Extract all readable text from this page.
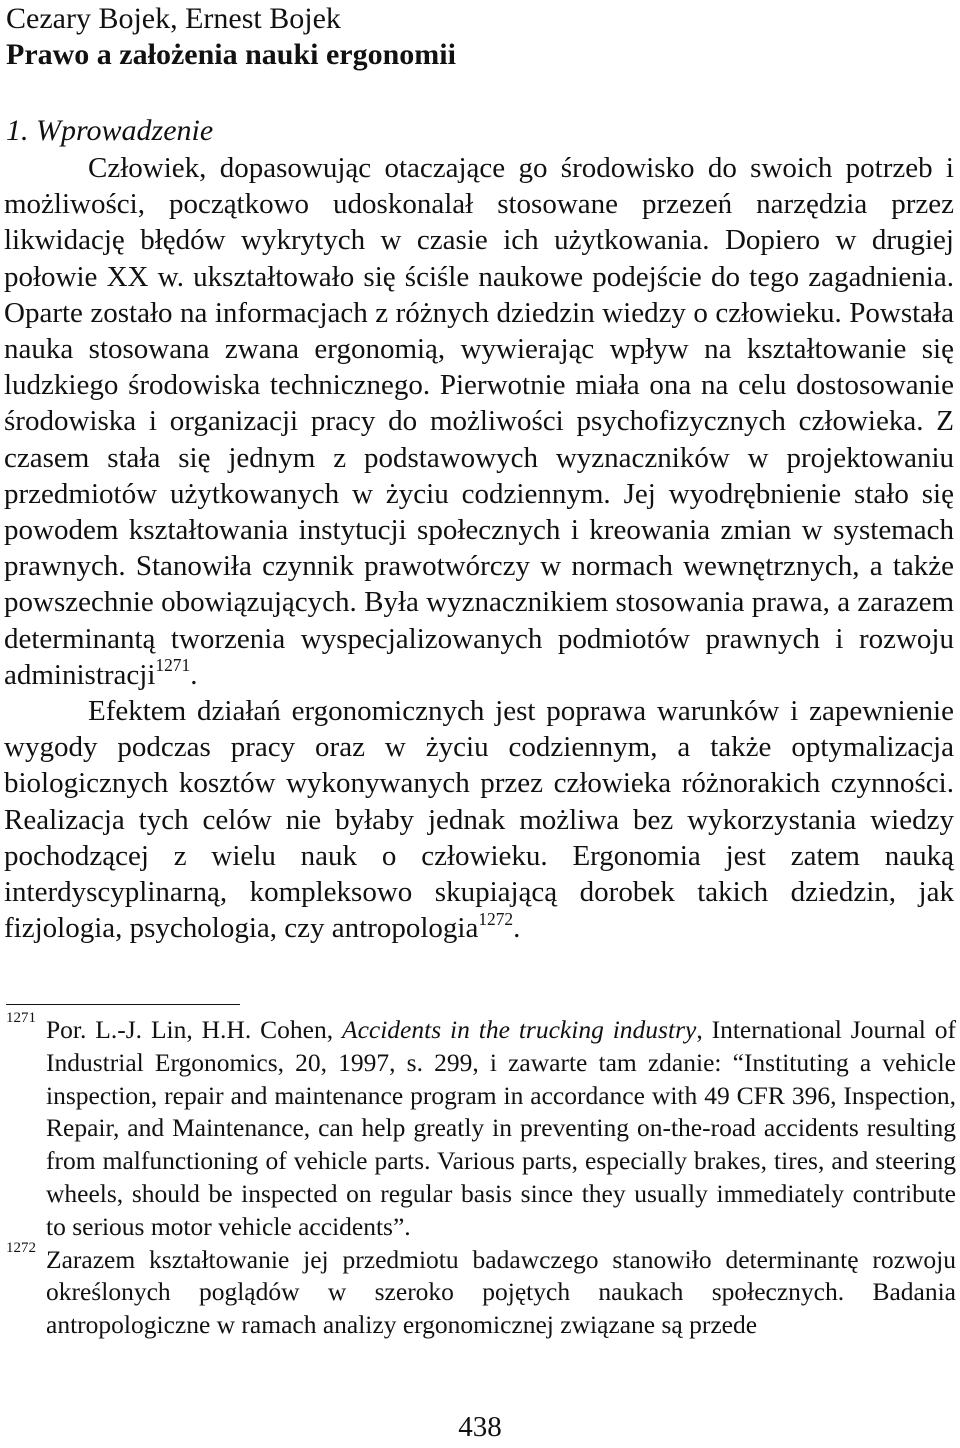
Cezary Bojek, Ernest Bojek
Prawo a założenia nauki ergonomii
1. Wprowadzenie

Człowiek, dopasowując otaczające go środowisko do swoich potrzeb i możliwości, początkowo udoskonalał stosowane przezeń narzędzia przez likwidację błędów wykrytych w czasie ich użytkowania. Dopiero w drugiej połowie XX w. ukształtowało się ściśle naukowe podejście do tego zagadnienia. Oparte zostało na informacjach z różnych dziedzin wiedzy o człowieku. Powstała nauka stosowana zwana ergonomią, wywierając wpływ na kształtowanie się ludzkiego środowiska technicznego. Pierwotnie miała ona na celu dostosowanie środowiska i organizacji pracy do możliwości psychofizycznych człowieka. Z czasem stała się jednym z podstawowych wyznaczników w projektowaniu przedmiotów użytkowanych w życiu codziennym. Jej wyodrębnienie stało się powodem kształtowania instytucji społecznych i kreowania zmian w systemach prawnych. Stanowiła czynnik prawotwórczy w normach wewnętrznych, a także powszechnie obowiązujących. Była wyznacznikiem stosowania prawa, a zarazem determinantą tworzenia wyspecjalizowanych podmiotów prawnych i rozwoju administracji$^{1271}$.

Efektem działań ergonomicznych jest poprawa warunków i zapewnienie wygody podczas pracy oraz w życiu codziennym, a także optymalizacja biologicznych kosztów wykonywanych przez człowieka różnorakich czynności. Realizacja tych celów nie byłaby jednak możliwa bez wykorzystania wiedzy pochodzącej z wielu nauk o człowieku. Ergonomia jest zatem nauką interdyscyplinarną, kompleksowo skupiającą dorobek takich dziedzin, jak fizjologia, psychologia, czy antropologia$^{1272}$.

1271 Por. L.-J. Lin, H.H. Cohen, Accidents in the trucking industry, International Journal of Industrial Ergonomics, 20, 1997, s. 299, i zawarte tam zdanie: “Instituting a vehicle inspection, repair and maintenance program in accordance with 49 CFR 396, Inspection, Repair, and Maintenance, can help greatly in preventing on-the-road accidents resulting from malfunctioning of vehicle parts. Various parts, especially brakes, tires, and steering wheels, should be inspected on regular basis since they usually immediately contribute to serious motor vehicle accidents”.
1272 Zarazem kształtowanie jej przedmiotu badawczego stanowiło determinantę rozwoju określonych poglądów w szeroko pojętych naukach społecznych. Badania antropologiczne w ramach analizy ergonomicznej związane są przede
438
